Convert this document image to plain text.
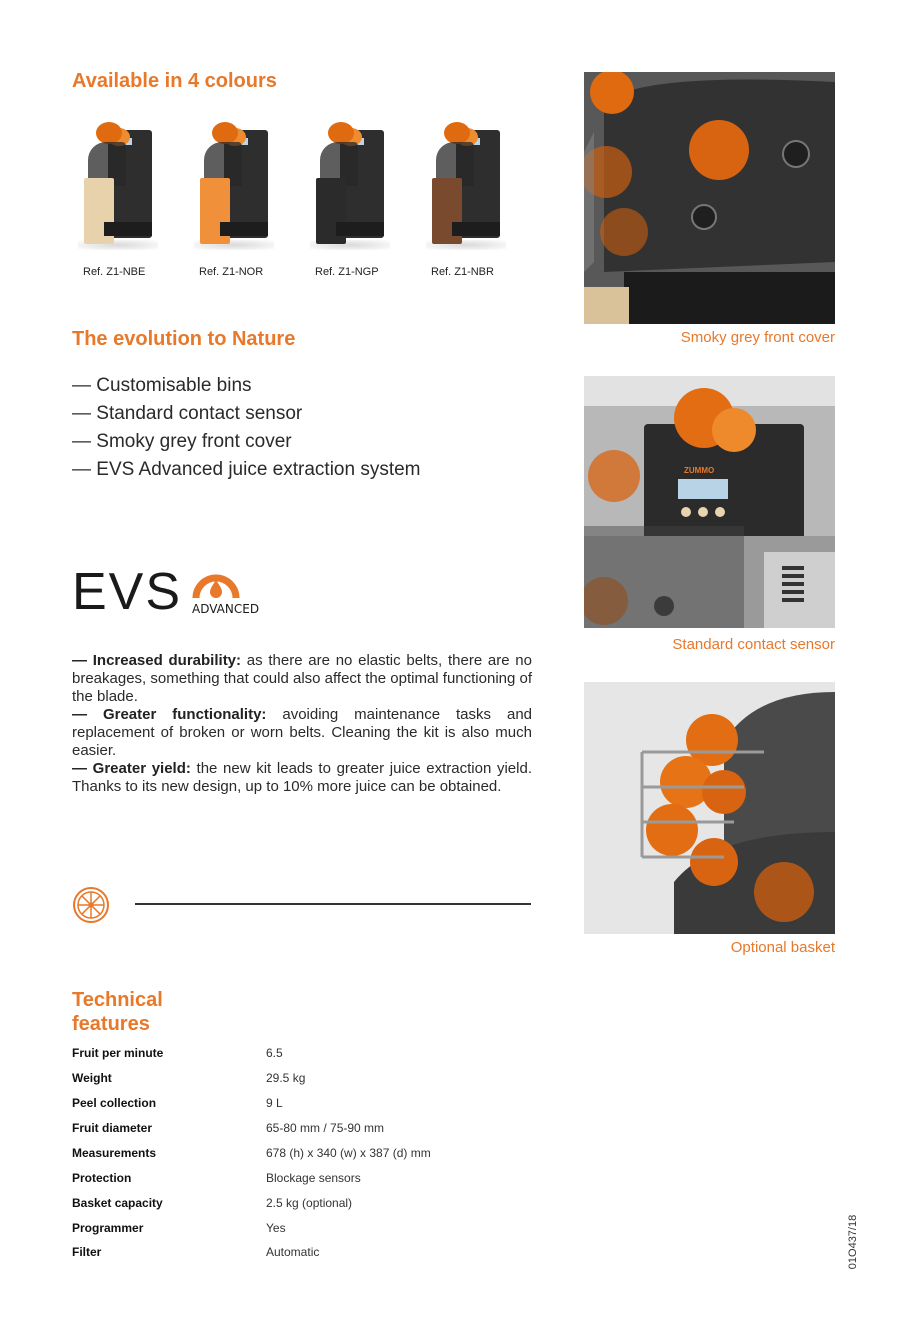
Available in 4 colours
Ref. Z1-NBE	Ref. Z1-NOR	Ref. Z1-NGP	Ref. Z1-NBR
The evolution to Nature
— Customisable bins
— Standard contact sensor
— Smoky grey front cover
— EVS Advanced juice extraction system
EVS ADVANCED
— Increased durability: as there are no elastic belts, there are no breakages, something that could also affect the optimal functioning of the blade.
— Greater functionality: avoiding maintenance tasks and replacement of broken or worn belts. Cleaning the kit is also much easier.
— Greater yield: the new kit leads to greater juice extraction yield. Thanks to its new design, up to 10% more juice can be obtained.
Technical features
Fruit per minute	6.5
Weight	29.5 kg
Peel collection	9 L
Fruit diameter	65-80 mm / 75-90 mm
Measurements	678 (h) x 340 (w) x 387 (d) mm
Protection	Blockage sensors
Basket capacity	2.5 kg (optional)
Programmer	Yes
Filter	Automatic
Smoky grey front cover
ZUMMO
Standard contact sensor
Optional basket
01O437/18
